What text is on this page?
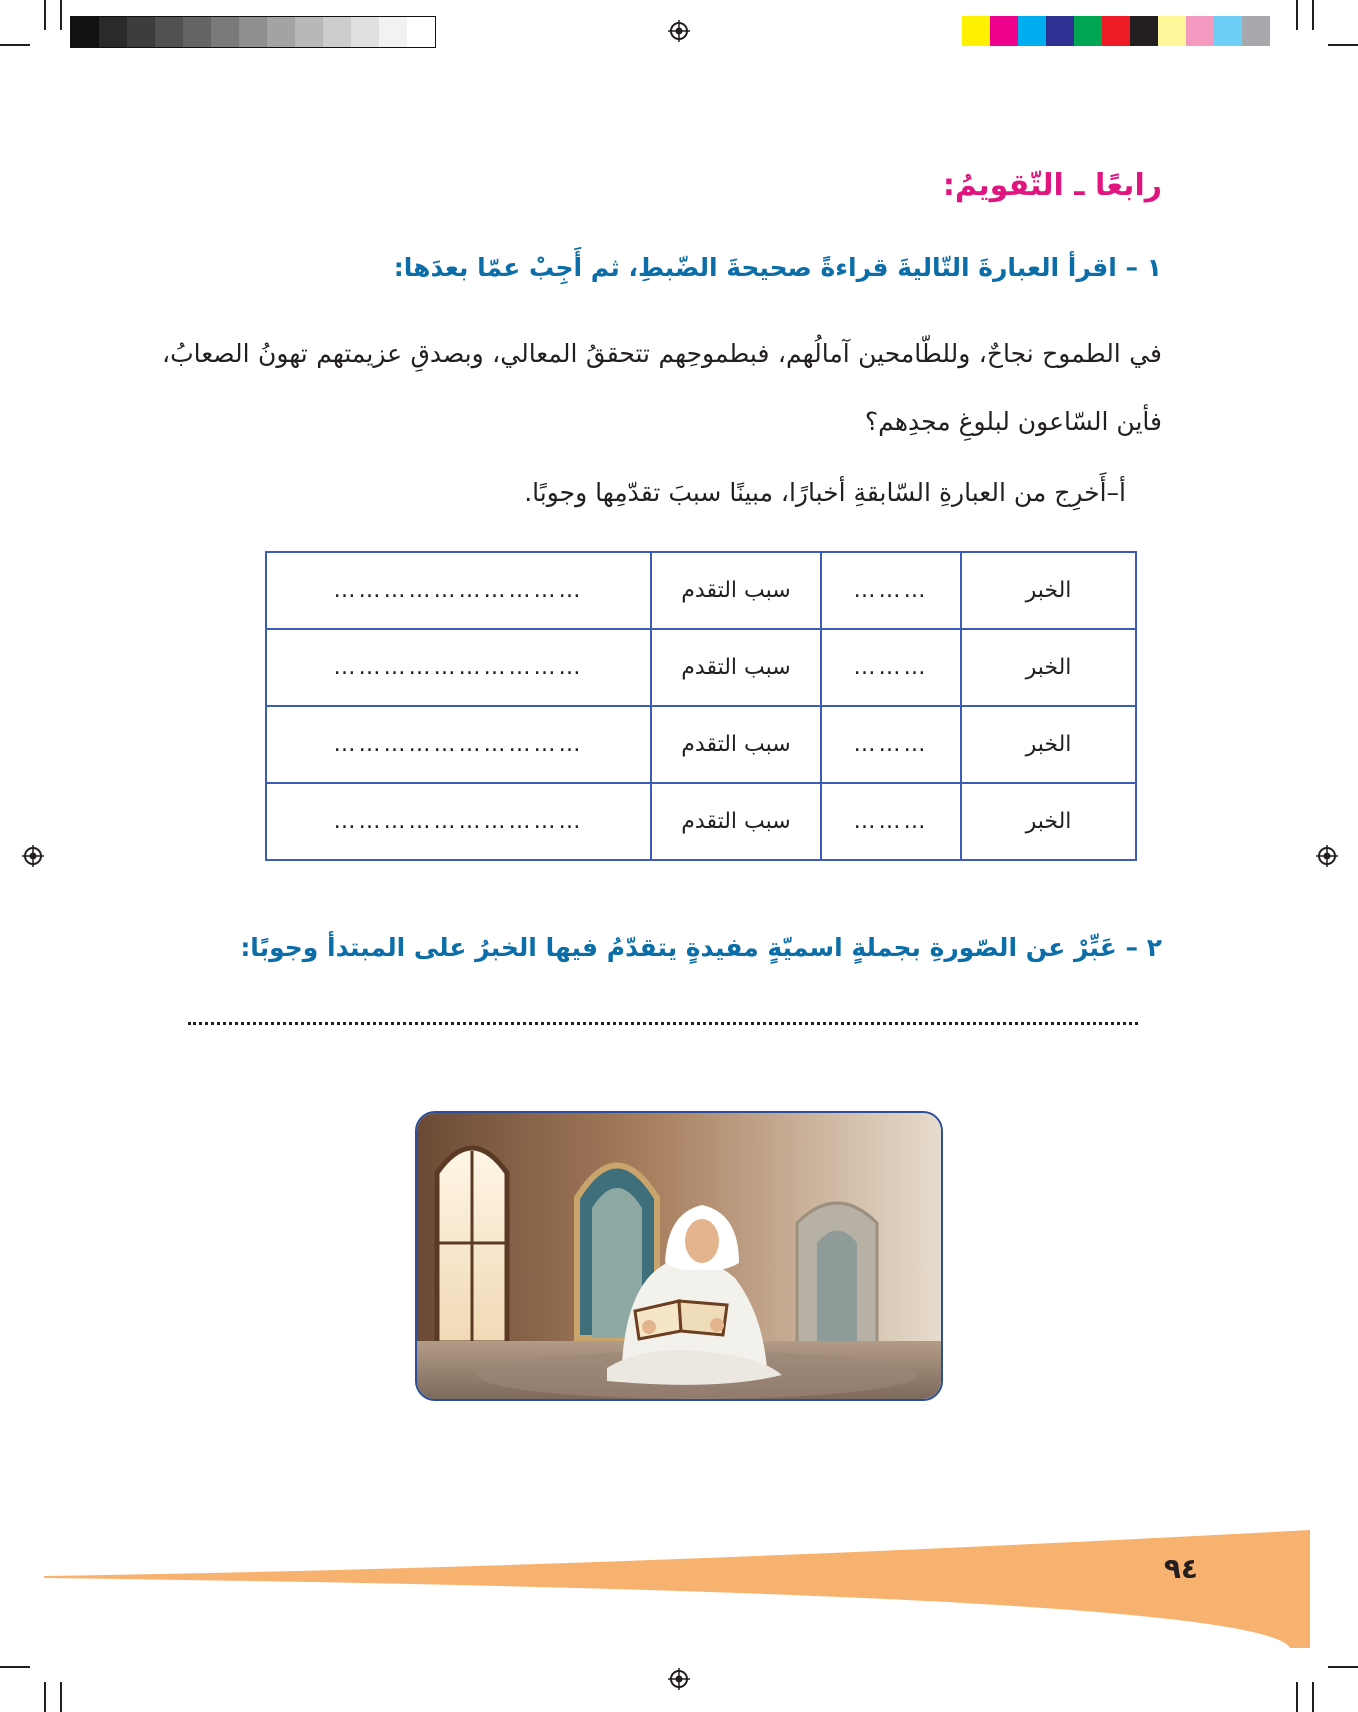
رابعًا ـ التّقويمُ:
١ – اقرأ العبارةَ التّاليةَ قراءةً صحيحةَ الضّبطِ، ثم أَجِبْ عمّا بعدَها:
في الطموح نجاحٌ، وللطّامحين آمالُهم، فبطموحِهم تتحققُ المعالي، وبصدقِ عزيمتهم تهونُ الصعابُ، فأين السّاعون لبلوغِ مجدِهم؟
أ–أَخرِج من العبارةِ السّابقةِ أخبارًا، مبينًا سببَ تقدّمِها وجوبًا.
الخبر	………	سبب التقدم	…………………………
الخبر	………	سبب التقدم	…………………………
الخبر	………	سبب التقدم	…………………………
الخبر	………	سبب التقدم	…………………………
٢ – عَبِّرْ عن الصّورةِ بجملةٍ اسميّةٍ مفيدةٍ يتقدّمُ فيها الخبرُ على المبتدأ وجوبًا:
٩٤
